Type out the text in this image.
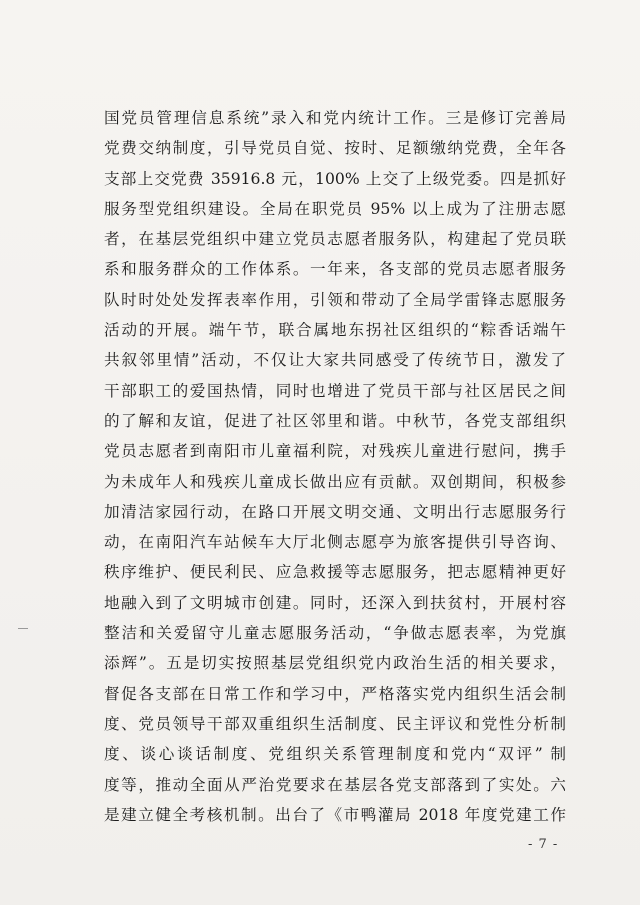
国党员管理信息系统”录入和党内统计工作。三是修订完善局
党费交纳制度，引导党员自觉、按时、足额缴纳党费，全年各
支部上交党费 35916.8 元，100% 上交了上级党委。四是抓好
服务型党组织建设。全局在职党员 95% 以上成为了注册志愿
者，在基层党组织中建立党员志愿者服务队，构建起了党员联
系和服务群众的工作体系。一年来，各支部的党员志愿者服务
队时时处处发挥表率作用，引领和带动了全局学雷锋志愿服务
活动的开展。端午节，联合属地东拐社区组织的“粽香话端午
共叙邻里情”活动，不仅让大家共同感受了传统节日，激发了
干部职工的爱国热情，同时也增进了党员干部与社区居民之间
的了解和友谊，促进了社区邻里和谐。中秋节，各党支部组织
党员志愿者到南阳市儿童福利院，对残疾儿童进行慰问，携手
为未成年人和残疾儿童成长做出应有贡献。双创期间，积极参
加清洁家园行动，在路口开展文明交通、文明出行志愿服务行
动，在南阳汽车站候车大厅北侧志愿亭为旅客提供引导咨询、
秩序维护、便民利民、应急救援等志愿服务，把志愿精神更好
地融入到了文明城市创建。同时，还深入到扶贫村，开展村容
整洁和关爱留守儿童志愿服务活动，“争做志愿表率，为党旗
添辉”。五是切实按照基层党组织党内政治生活的相关要求，
督促各支部在日常工作和学习中，严格落实党内组织生活会制
度、党员领导干部双重组织生活制度、民主评议和党性分析制
度、谈心谈话制度、党组织关系管理制度和党内“双评” 制
度等，推动全面从严治党要求在基层各党支部落到了实处。六
是建立健全考核机制。出台了《市鸭灌局 2018 年度党建工作
- 7 -
